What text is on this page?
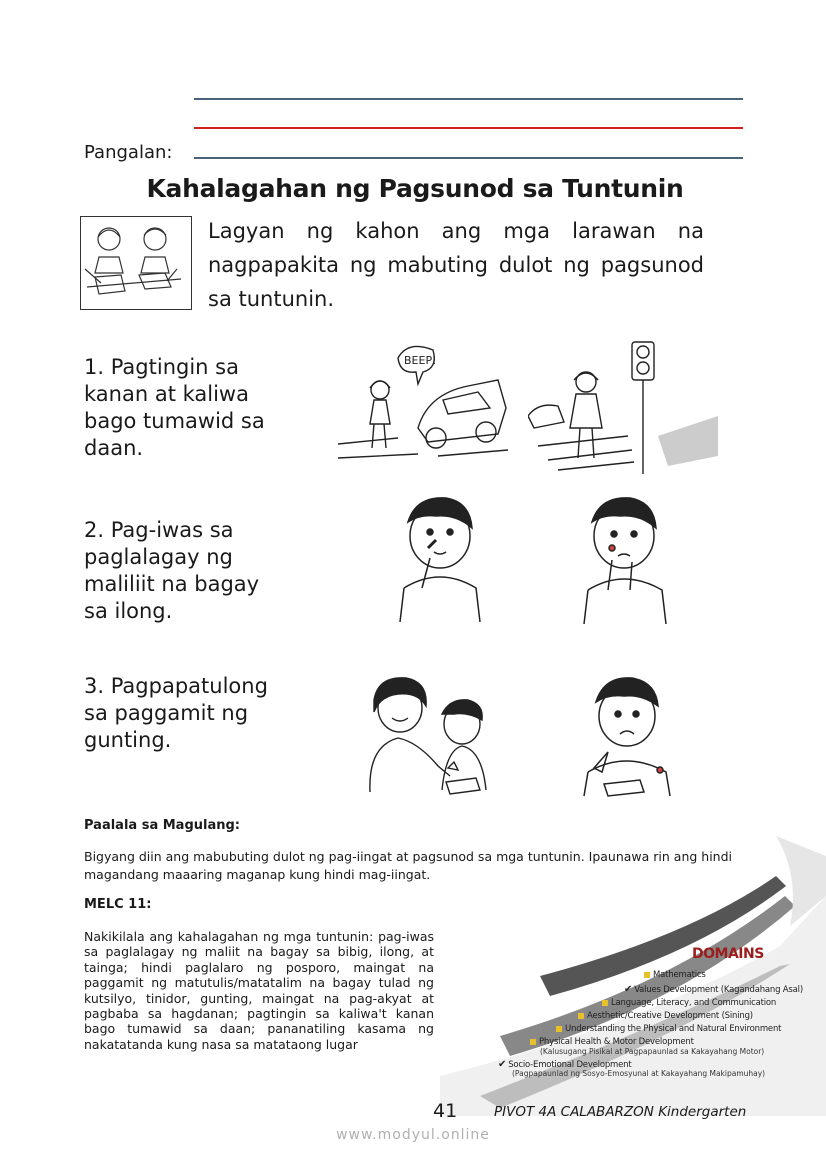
Pangalan:
Kahalagahan ng Pagsunod sa Tuntunin
Lagyan ng kahon ang mga larawan na nagpapakita ng mabuting dulot ng pagsunod sa tuntunin.
1. Pagtingin sa
kanan at kaliwa
bago tumawid sa
daan.
BEEP!
2. Pag-iwas sa
paglalagay ng
maliliit na bagay
sa ilong.
3. Pagpapatulong
sa paggamit ng
gunting.
Paalala sa Magulang:
Bigyang diin ang mabubuting dulot ng pag-iingat at pagsunod sa mga tuntunin. Ipaunawa rin ang hindi magandang maaaring maganap kung hindi mag-iingat.
MELC 11:
Nakikilala ang kahalagahan ng mga tuntunin: pag-iwas sa paglalagay ng maliit na bagay sa bibig, ilong, at tainga; hindi paglalaro ng posporo, maingat na paggamit ng matutulis/matatalim na bagay tulad ng kutsilyo, tinidor, gunting, maingat na pag-akyat at pagbaba sa hagdanan; pagtingin sa kaliwa't kanan bago tumawid sa daan; pananatiling kasama ng nakatatanda kung nasa sa matataong lugar
DOMAINS
Mathematics
✔ Values Development (Kagandahang Asal)
Language, Literacy, and Communication
Aesthetic/Creative Development (Sining)
Understanding the Physical and Natural Environment
Physical Health & Motor Development
(Kalusugang Pisikal at Pagpapaunlad sa Kakayahang Motor)
✔ Socio-Emotional Development
(Pagpapaunlad ng Sosyo-Emosyunal at Kakayahang Makipamuhay)
41	PIVOT 4A CALABARZON Kindergarten
www.modyul.online
